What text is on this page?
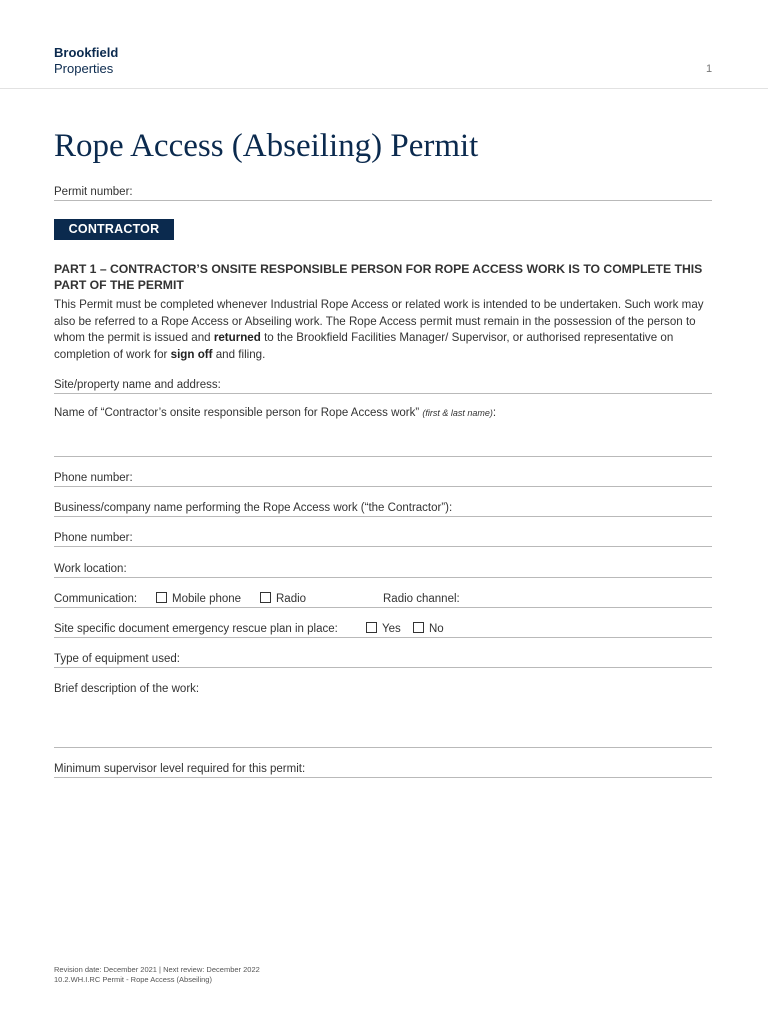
Brookfield
Properties	1
Rope Access (Abseiling) Permit
Permit number:
CONTRACTOR
PART 1 – CONTRACTOR’S ONSITE RESPONSIBLE PERSON FOR ROPE ACCESS WORK IS TO COMPLETE THIS PART OF THE PERMIT
This Permit must be completed whenever Industrial Rope Access or related work is intended to be undertaken. Such work may also be referred to a Rope Access or Abseiling work. The Rope Access permit must remain in the possession of the person to whom the permit is issued and returned to the Brookfield Facilities Manager/ Supervisor, or authorised representative on completion of work for sign off and filing.
Site/property name and address:
Name of “Contractor’s onsite responsible person for Rope Access work” (first & last name):
Phone number:
Business/company name performing the Rope Access work (“the Contractor”):
Phone number:
Work location:
Communication:	Mobile phone	Radio	Radio channel:
Site specific document emergency rescue plan in place:	Yes	No
Type of equipment used:
Brief description of the work:
Minimum supervisor level required for this permit:
Revision date: December 2021 | Next review: December 2022
10.2.WH.I.RC Permit - Rope Access (Abseiling)
